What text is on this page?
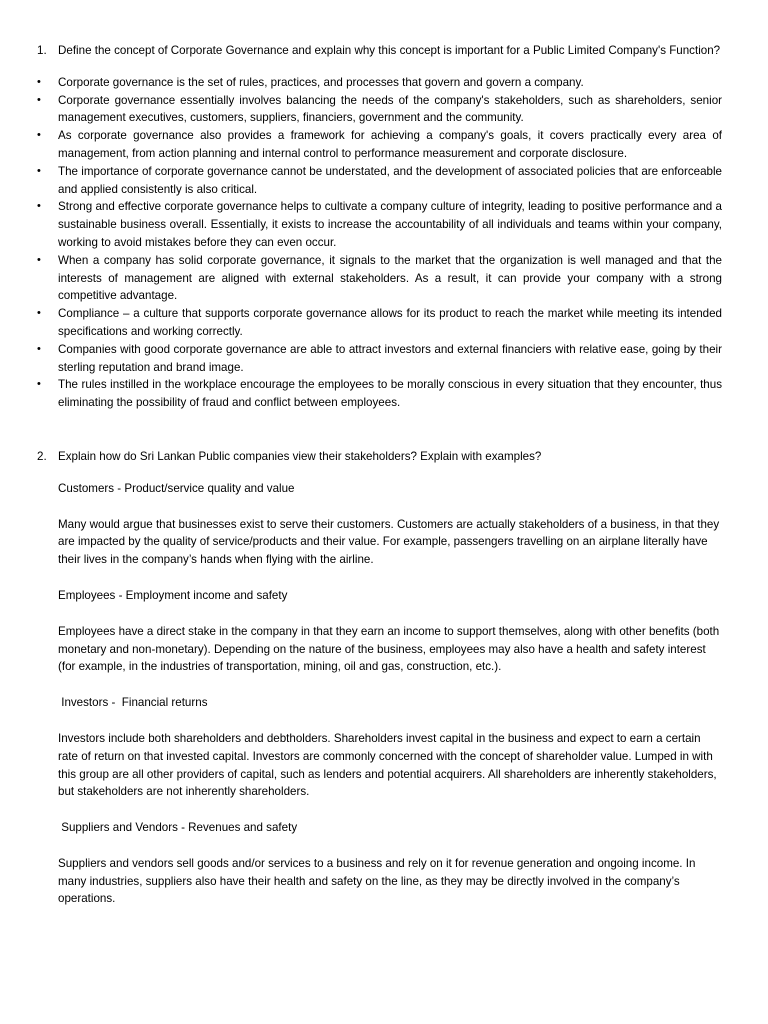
1. Define the concept of Corporate Governance and explain why this concept is important for a Public Limited Company's Function?
•	Corporate governance is the set of rules, practices, and processes that govern and govern a company.
•	Corporate governance essentially involves balancing the needs of the company's stakeholders, such as shareholders, senior management executives, customers, suppliers, financiers, government and the community.
•	As corporate governance also provides a framework for achieving a company's goals, it covers practically every area of management, from action planning and internal control to performance measurement and corporate disclosure.
•	The importance of corporate governance cannot be understated, and the development of associated policies that are enforceable and applied consistently is also critical.
•	Strong and effective corporate governance helps to cultivate a company culture of integrity, leading to positive performance and a sustainable business overall. Essentially, it exists to increase the accountability of all individuals and teams within your company, working to avoid mistakes before they can even occur.
•	When a company has solid corporate governance, it signals to the market that the organization is well managed and that the interests of management are aligned with external stakeholders. As a result, it can provide your company with a strong competitive advantage.
•	Compliance – a culture that supports corporate governance allows for its product to reach the market while meeting its intended specifications and working correctly.
•	Companies with good corporate governance are able to attract investors and external financiers with relative ease, going by their sterling reputation and brand image.
•	The rules instilled in the workplace encourage the employees to be morally conscious in every situation that they encounter, thus eliminating the possibility of fraud and conflict between employees.
2. Explain how do Sri Lankan Public companies view their stakeholders? Explain with examples?
Customers - Product/service quality and value
Many would argue that businesses exist to serve their customers. Customers are actually stakeholders of a business, in that they are impacted by the quality of service/products and their value. For example, passengers travelling on an airplane literally have their lives in the company’s hands when flying with the airline.
Employees - Employment income and safety
Employees have a direct stake in the company in that they earn an income to support themselves, along with other benefits (both monetary and non-monetary). Depending on the nature of the business, employees may also have a health and safety interest (for example, in the industries of transportation, mining, oil and gas, construction, etc.).
Investors -  Financial returns
Investors include both shareholders and debtholders. Shareholders invest capital in the business and expect to earn a certain rate of return on that invested capital. Investors are commonly concerned with the concept of shareholder value. Lumped in with this group are all other providers of capital, such as lenders and potential acquirers. All shareholders are inherently stakeholders, but stakeholders are not inherently shareholders.
Suppliers and Vendors - Revenues and safety
Suppliers and vendors sell goods and/or services to a business and rely on it for revenue generation and ongoing income. In many industries, suppliers also have their health and safety on the line, as they may be directly involved in the company’s operations.
